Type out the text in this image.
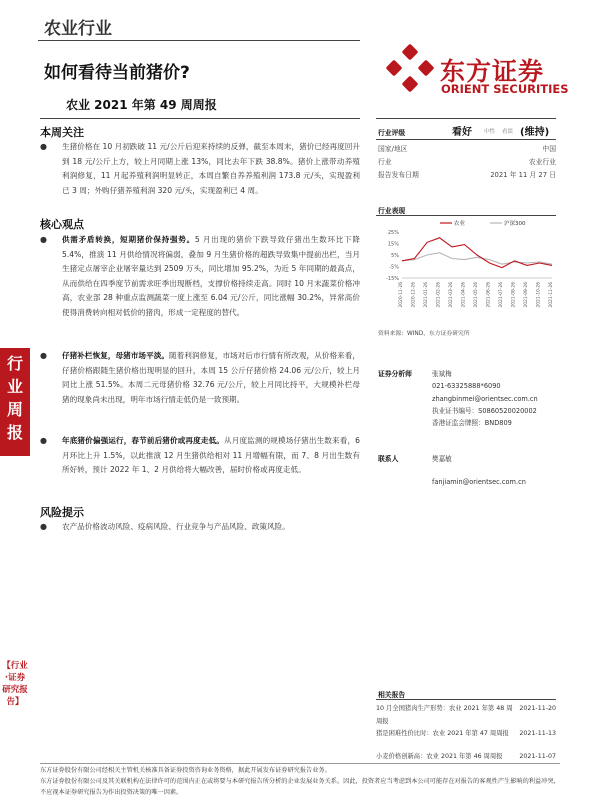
农业行业
如何看待当前猪价?
农业 2021 年第 49 周周报
本周关注
● 生猪价格在 10 月初跌破 11 元/公斤后迎来持续的反弹，截至本周末，猪价已经再度回升到 18 元/公斤上方，较上月同期上涨 13%，同比去年下跌 38.8%。猪价上涨带动养殖利润修复，11 月起养殖利润明显转正，本周自繁自养养殖利润 173.8 元/头，实现盈利已 3 周；外购仔猪养殖利润 320 元/头，实现盈利已 4 周。
核心观点
● 供需矛盾转换，短期猪价保持强势。5 月出现的猪价下跌导致仔猪出生数环比下降 5.4%，推演 11 月供给情况将偏弱，叠加 9 月生猪价格的超跌导致集中提前出栏，当月生猪定点屠宰企业屠宰量达到 2509 万头，同比增加 95.2%，为近 5 年同期的最高点，从而供给在四季度节前需求旺季出现断档，支撑价格持续走高。同时 10 月末蔬菜价格冲高，农业部 28 种重点监测蔬菜一度上涨至 6.04 元/公斤，同比涨幅 30.2%，异常高价使得消费转向相对低价的猪肉，形成一定程度的替代。
● 仔猪补栏恢复，母猪市场平淡。随着利润修复，市场对后市行情有所改观，从价格来看，仔猪价格跟随生猪价格出现明显的回升，本周 15 公斤仔猪价格 24.06 元/公斤，较上月同比上涨 51.5%。本周二元母猪价格 32.76 元/公斤，较上月同比持平，大规模补栏母猪的现象尚未出现，明年市场行情走低仍是一致预期。
● 年底猪价偏强运行，春节前后猪价或再度走低。从月度监测的规模场仔猪出生数来看，6 月环比上升 1.5%，以此推演 12 月生猪供给相对 11 月增幅有限，而 7、8 月出生数有所好转，预计 2022 年 1、2 月供给将大幅改善，届时价格或再度走低。
风险提示
● 农产品价格波动风险、疫病风险、行业竞争与产品风险、政策风险。
行业周报
【行业·证券研究报告】
东方证券
ORIENT SECURITIES
行业评级	看好 中性 看淡 (维持)
国家/地区	中国
行业	农业行业
报告发布日期	2021 年 11 月 27 日
行业表现
25%
15%
5%
-5%
-15%
农业	沪深300
2020-11-26 2020-12-26 2021-01-26 2021-02-26 2021-03-26 2021-04-26 2021-05-26 2021-06-26 2021-07-26 2021-08-26 2021-09-26 2021-10-26 2021-11-26
资料来源：WIND，东方证券研究所
证券分析师	张斌梅
021-63325888*6090
zhangbinmei@orientsec.com.cn
执业证书编号：S0860520020002
香港证监会牌照：BND809
联系人	樊嘉敏
fanjiamin@orientsec.com.cn
相关报告
10 月全国猪肉生产形势：农业 2021 年第 48 周周报
2021-11-20
猪是困难性价比时：农业 2021 年第 47 周周报 2021-11-13
小麦价格创新高：农业 2021 年第 46 周周报	2021-11-07
东方证券股份有限公司经相关主管机关核准具备证券投资咨询业务资格，据此开展发布证券研究报告业务。
东方证券股份有限公司及其关联机构在法律许可的范围内正在或将要与本研究报告所分析的企业发展业务关系。因此，投资者应当考虑到本公司可能存在对报告的客观性产生影响的利益冲突，不应视本证券研究报告为作出投资决策的唯一因素。
